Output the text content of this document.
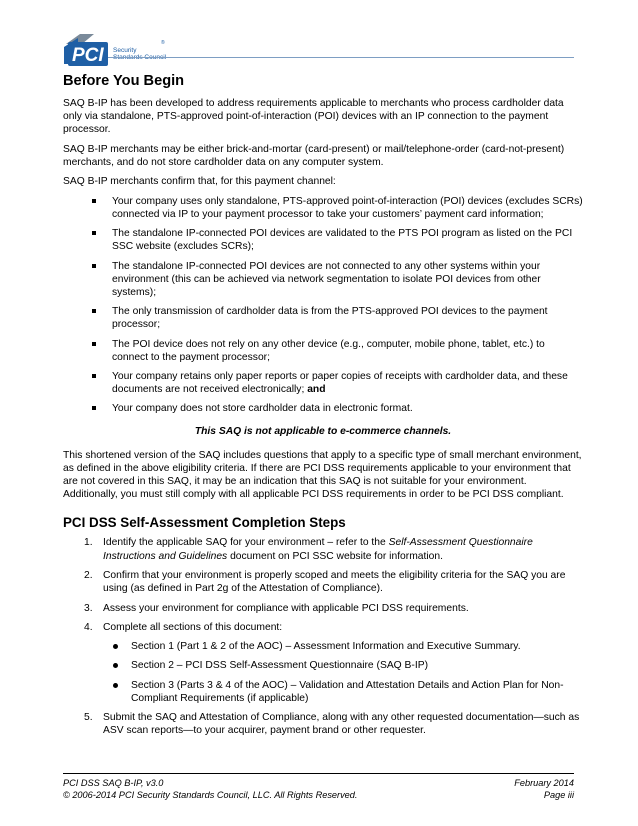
PCI Security
Standards Council
®
Before You Begin

SAQ B-IP has been developed to address requirements applicable to merchants who process cardholder data only via standalone, PTS-approved point-of-interaction (POI) devices with an IP connection to the payment processor.

SAQ B-IP merchants may be either brick-and-mortar (card-present) or mail/telephone-order (card-not-present) merchants, and do not store cardholder data on any computer system.

SAQ B-IP merchants confirm that, for this payment channel:

Your company uses only standalone, PTS-approved point-of-interaction (POI) devices (excludes SCRs) connected via IP to your payment processor to take your customers’ payment card information;
The standalone IP-connected POI devices are validated to the PTS POI program as listed on the PCI SSC website (excludes SCRs);
The standalone IP-connected POI devices are not connected to any other systems within your environment (this can be achieved via network segmentation to isolate POI devices from other systems);
The only transmission of cardholder data is from the PTS-approved POI devices to the payment processor;
The POI device does not rely on any other device (e.g., computer, mobile phone, tablet, etc.) to connect to the payment processor;
Your company retains only paper reports or paper copies of receipts with cardholder data, and these documents are not received electronically; and
Your company does not store cardholder data in electronic format.
This SAQ is not applicable to e-commerce channels.

This shortened version of the SAQ includes questions that apply to a specific type of small merchant environment, as defined in the above eligibility criteria. If there are PCI DSS requirements applicable to your environment that are not covered in this SAQ, it may be an indication that this SAQ is not suitable for your environment. Additionally, you must still comply with all applicable PCI DSS requirements in order to be PCI DSS compliant.

PCI DSS Self-Assessment Completion Steps
1. Identify the applicable SAQ for your environment – refer to the Self-Assessment Questionnaire Instructions and Guidelines document on PCI SSC website for information.
2. Confirm that your environment is properly scoped and meets the eligibility criteria for the SAQ you are using (as defined in Part 2g of the Attestation of Compliance).
3. Assess your environment for compliance with applicable PCI DSS requirements.
4. Complete all sections of this document:
Section 1 (Part 1 & 2 of the AOC) – Assessment Information and Executive Summary.
Section 2 – PCI DSS Self-Assessment Questionnaire (SAQ B-IP)
Section 3 (Parts 3 & 4 of the AOC) – Validation and Attestation Details and Action Plan for Non-Compliant Requirements (if applicable)
5. Submit the SAQ and Attestation of Compliance, along with any other requested documentation—such as ASV scan reports—to your acquirer, payment brand or other requester.
PCI DSS SAQ B-IP, v3.0	February 2014
© 2006-2014 PCI Security Standards Council, LLC. All Rights Reserved.	Page iii
